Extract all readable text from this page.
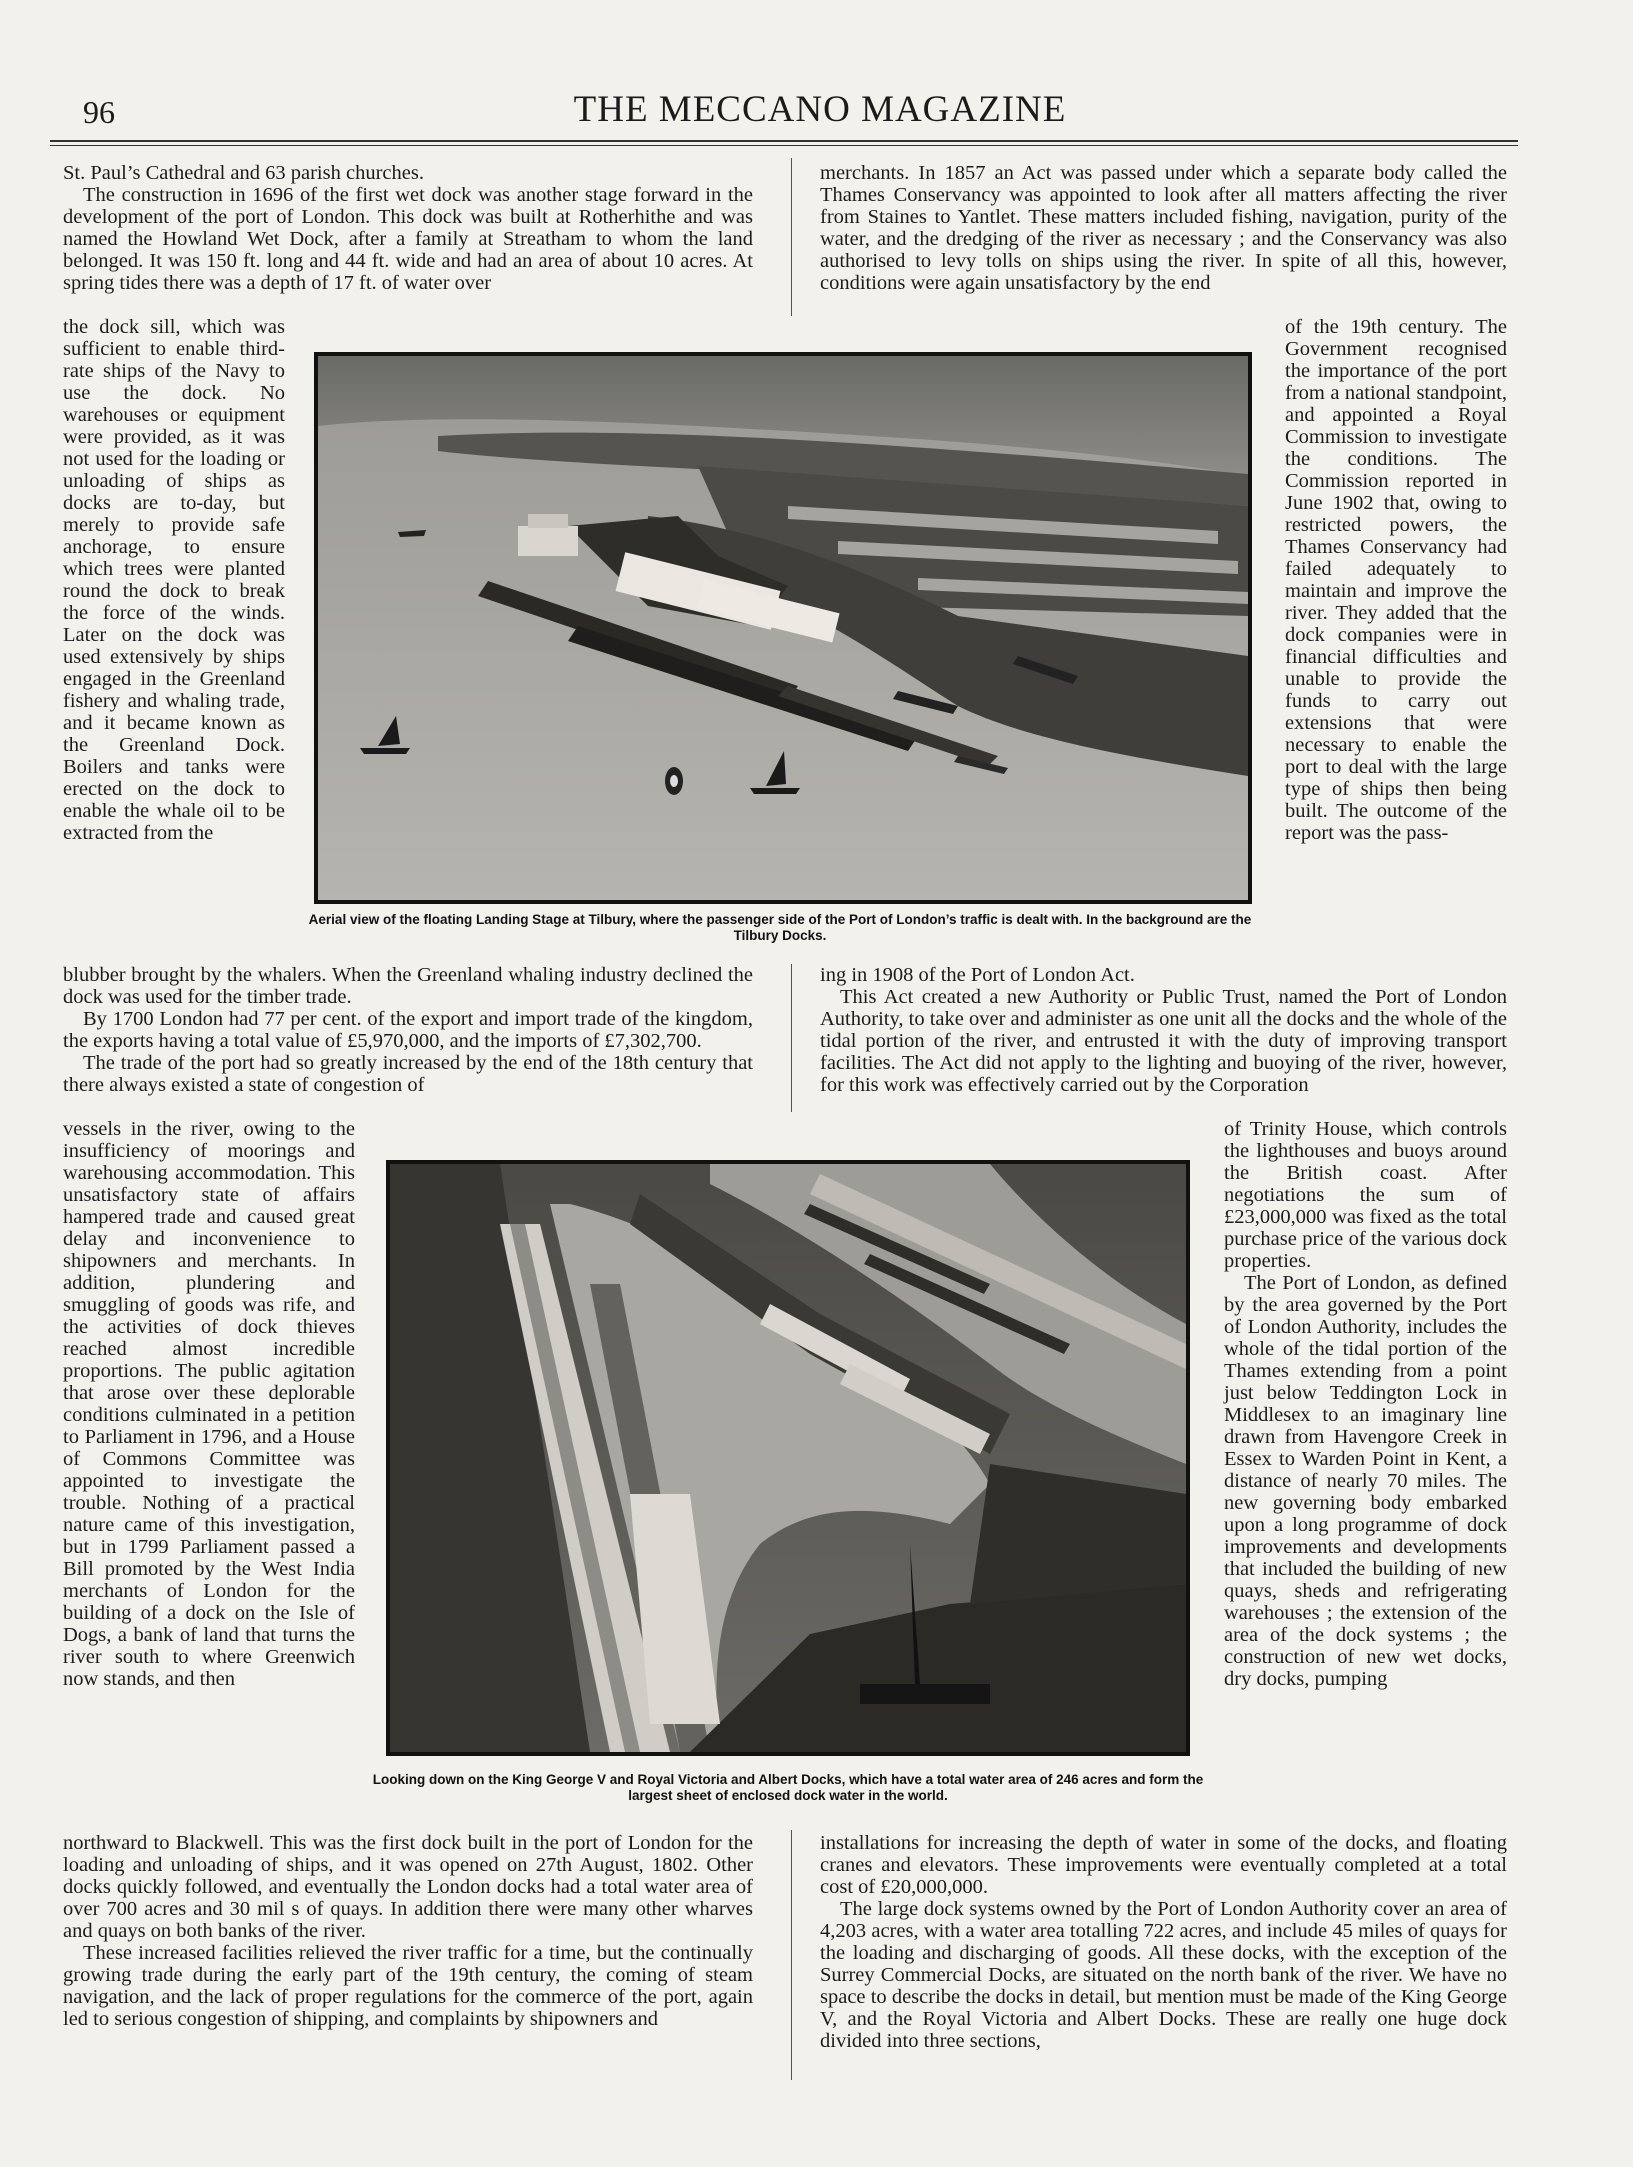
96	THE MECCANO MAGAZINE

St. Paul’s Cathedral and 63 parish churches.

The construction in 1696 of the first wet dock was another stage forward in the development of the port of London. This dock was built at Rotherhithe and was named the Howland Wet Dock, after a family at Streatham to whom the land belonged. It was 150 ft. long and 44 ft. wide and had an area of about 10 acres. At spring tides there was a depth of 17 ft. of water over

the dock sill, which was sufficient to enable third-rate ships of the Navy to use the dock. No warehouses or equipment were provided, as it was not used for the loading or unloading of ships as docks are to-day, but merely to provide safe anchorage, to ensure which trees were planted round the dock to break the force of the winds. Later on the dock was used extensively by ships engaged in the Greenland fishery and whaling trade, and it became known as the Greenland Dock. Boilers and tanks were erected on the dock to enable the whale oil to be extracted from the

blubber brought by the whalers. When the Greenland whaling industry declined the dock was used for the timber trade.

By 1700 London had 77 per cent. of the export and import trade of the kingdom, the exports having a total value of £5,970,000, and the imports of £7,302,700.

The trade of the port had so greatly increased by the end of the 18th century that there always existed a state of congestion of

vessels in the river, owing to the insufficiency of moorings and warehousing accommodation. This unsatisfactory state of affairs hampered trade and caused great delay and inconvenience to shipowners and merchants. In addition, plundering and smuggling of goods was rife, and the activities of dock thieves reached almost incredible proportions. The public agitation that arose over these deplorable conditions culminated in a petition to Parliament in 1796, and a House of Commons Committee was appointed to investigate the trouble. Nothing of a practical nature came of this investigation, but in 1799 Parliament passed a Bill promoted by the West India merchants of London for the building of a dock on the Isle of Dogs, a bank of land that turns the river south to where Greenwich now stands, and then

northward to Blackwell. This was the first dock built in the port of London for the loading and unloading of ships, and it was opened on 27th August, 1802. Other docks quickly followed, and eventually the London docks had a total water area of over 700 acres and 30 mil s of quays. In addition there were many other wharves and quays on both banks of the river.

These increased facilities relieved the river traffic for a time, but the continually growing trade during the early part of the 19th century, the coming of steam navigation, and the lack of proper regulations for the commerce of the port, again led to serious congestion of shipping, and complaints by shipowners and

merchants. In 1857 an Act was passed under which a separate body called the Thames Conservancy was appointed to look after all matters affecting the river from Staines to Yantlet. These matters included fishing, navigation, purity of the water, and the dredging of the river as necessary ; and the Conservancy was also authorised to levy tolls on ships using the river. In spite of all this, however, conditions were again unsatisfactory by the end

of the 19th century. The Government recognised the importance of the port from a national standpoint, and appointed a Royal Commission to investigate the conditions. The Commission reported in June 1902 that, owing to restricted powers, the Thames Conservancy had failed adequately to maintain and improve the river. They added that the dock companies were in financial difficulties and unable to provide the funds to carry out extensions that were necessary to enable the port to deal with the large type of ships then being built. The outcome of the report was the pass-

ing in 1908 of the Port of London Act.

This Act created a new Authority or Public Trust, named the Port of London Authority, to take over and administer as one unit all the docks and the whole of the tidal portion of the river, and entrusted it with the duty of improving transport facilities. The Act did not apply to the lighting and buoying of the river, however, for this work was effectively carried out by the Corporation

of Trinity House, which controls the lighthouses and buoys around the British coast. After negotiations the sum of £23,000,000 was fixed as the total purchase price of the various dock properties.

The Port of London, as defined by the area governed by the Port of London Authority, includes the whole of the tidal portion of the Thames extending from a point just below Teddington Lock in Middlesex to an imaginary line drawn from Havengore Creek in Essex to Warden Point in Kent, a distance of nearly 70 miles. The new governing body embarked upon a long programme of dock improvements and developments that included the building of new quays, sheds and refrigerating warehouses ; the extension of the area of the dock systems ; the construction of new wet docks, dry docks, pumping

installations for increasing the depth of water in some of the docks, and floating cranes and elevators. These improvements were eventually completed at a total cost of £20,000,000.

The large dock systems owned by the Port of London Authority cover an area of 4,203 acres, with a water area totalling 722 acres, and include 45 miles of quays for the loading and discharging of goods. All these docks, with the exception of the Surrey Commercial Docks, are situated on the north bank of the river. We have no space to describe the docks in detail, but mention must be made of the King George V, and the Royal Victoria and Albert Docks. These are really one huge dock divided into three sections,

Aerial view of the floating Landing Stage at Tilbury, where the passenger side of the Port of London’s traffic is dealt with. In the background are the Tilbury Docks.
Looking down on the King George V and Royal Victoria and Albert Docks, which have a total water area of 246 acres and form the largest sheet of enclosed dock water in the world.
